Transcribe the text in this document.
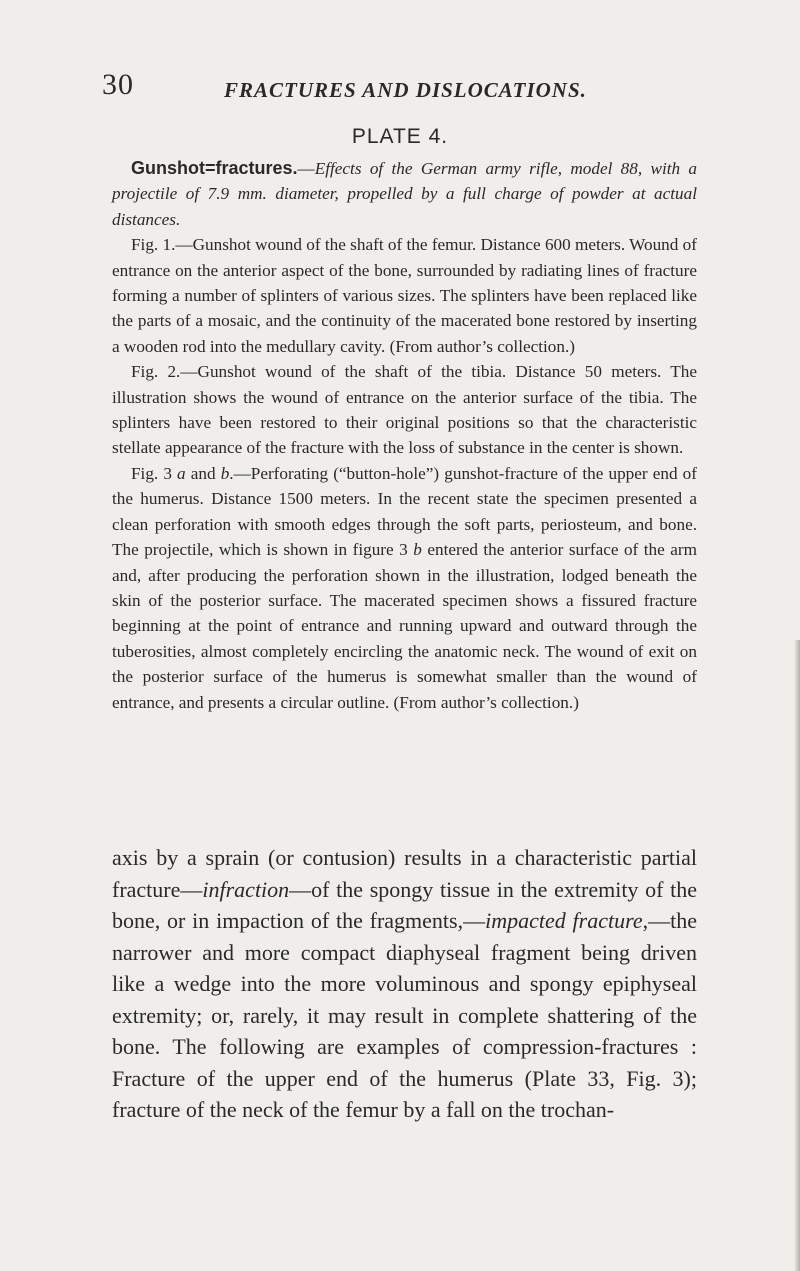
30	FRACTURES AND DISLOCATIONS.
PLATE 4.

Gunshot=fractures.—Effects of the German army rifle, model 88, with a projectile of 7.9 mm. diameter, propelled by a full charge of powder at actual distances.

Fig. 1.—Gunshot wound of the shaft of the femur. Distance 600 meters. Wound of entrance on the anterior aspect of the bone, surrounded by radiating lines of fracture forming a number of splinters of various sizes. The splinters have been replaced like the parts of a mosaic, and the continuity of the macerated bone restored by inserting a wooden rod into the medullary cavity. (From author’s collection.)

Fig. 2.—Gunshot wound of the shaft of the tibia. Distance 50 meters. The illustration shows the wound of entrance on the anterior surface of the tibia. The splinters have been restored to their original positions so that the characteristic stellate appearance of the fracture with the loss of substance in the center is shown.

Fig. 3 a and b.—Perforating (“button-hole”) gunshot-fracture of the upper end of the humerus. Distance 1500 meters. In the recent state the specimen presented a clean perforation with smooth edges through the soft parts, periosteum, and bone. The projectile, which is shown in figure 3 b entered the anterior surface of the arm and, after producing the perforation shown in the illustration, lodged beneath the skin of the posterior surface. The macerated specimen shows a fissured fracture beginning at the point of entrance and running upward and outward through the tuberosities, almost completely encircling the anatomic neck. The wound of exit on the posterior surface of the humerus is somewhat smaller than the wound of entrance, and presents a circular outline. (From author’s collection.)

axis by a sprain (or contusion) results in a characteristic partial fracture—infraction—of the spongy tissue in the extremity of the bone, or in impaction of the fragments,—impacted fracture,—the narrower and more compact diaphyseal fragment being driven like a wedge into the more voluminous and spongy epiphyseal extremity; or, rarely, it may result in complete shattering of the bone. The following are examples of compression-fractures : Fracture of the upper end of the humerus (Plate 33, Fig. 3); fracture of the neck of the femur by a fall on the trochan-
